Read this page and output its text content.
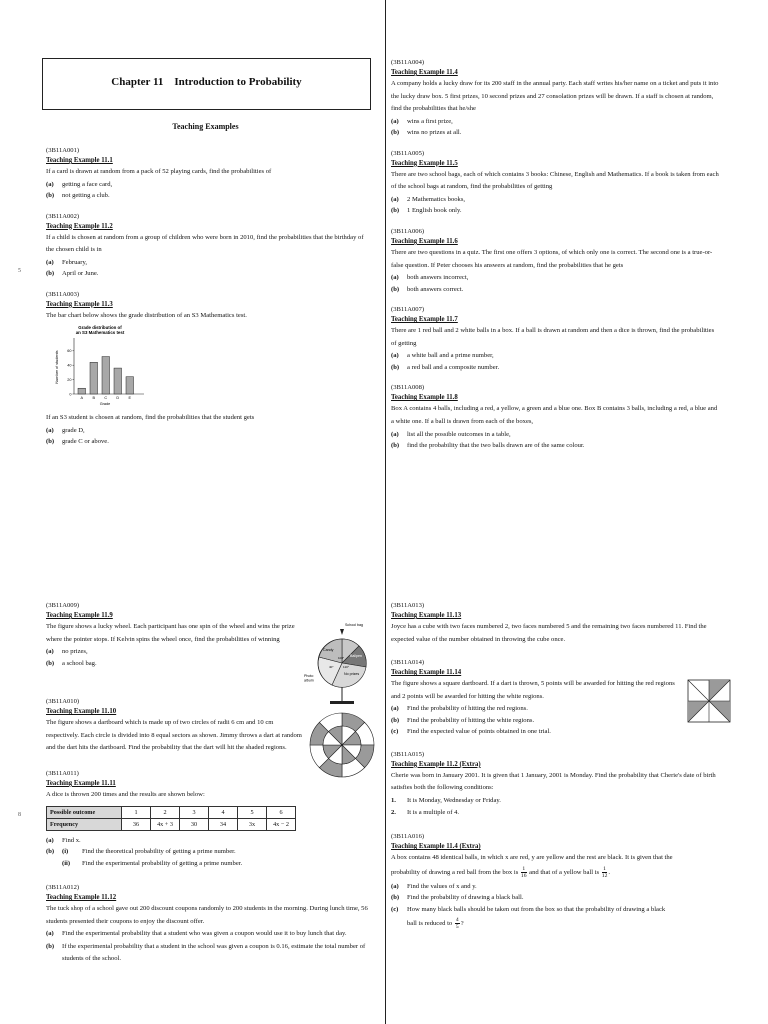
5
8
Chapter 11    Introduction to Probability
Teaching Examples
(3B11A001)
Teaching Example 11.1
If a card is drawn at random from a pack of 52 playing cards, find the probabilities of
(a)	getting a face card,
(b)	not getting a club.
(3B11A002)
Teaching Example 11.2
If a child is chosen at random from a group of children who were born in 2010, find the probabilities that the birthday of the chosen child is in
(a)	February,
(b)	April or June.
(3B11A003)
Teaching Example 11.3
The bar chart below shows the grade distribution of an S3 Mathematics test.
Grade distribution of an S3 Mathematics test
Number of students
0
20
40
60
A B C D E
Grade
If an S3 student is chosen at random, find the probabilities that the student gets
(a)	grade D,
(b)	grade C or above.
(3B11A004)
Teaching Example 11.4
A company holds a lucky draw for its 200 staff in the annual party. Each staff writes his/her name on a ticket and puts it into the lucky draw box. 5 first prizes, 10 second prizes and 27 consolation prizes will be drawn. If a staff is chosen at random, find the probabilities that he/she
(a)	wins a first prize,
(b)	wins no prizes at all.
(3B11A005)
Teaching Example 11.5
There are two school bags, each of which contains 3 books: Chinese, English and Mathematics. If a book is taken from each of the school bags at random, find the probabilities of getting
(a)	2 Mathematics books,
(b)	1 English book only.
(3B11A006)
Teaching Example 11.6
There are two questions in a quiz. The first one offers 3 options, of which only one is correct. The second one is a true-or-false question. If Peter chooses his answers at random, find the probabilities that he gets
(a)	both answers incorrect,
(b)	both answers correct.
(3B11A007)
Teaching Example 11.7
There are 1 red ball and 2 white balls in a box. If a ball is drawn at random and then a dice is thrown, find the probabilities of getting
(a)	a white ball and a prime number,
(b)	a red ball and a composite number.
(3B11A008)
Teaching Example 11.8
Box A contains 4 balls, including a red, a yellow, a green and a blue one. Box B contains 3 balls, including a red, a blue and a white one. If a ball is drawn from each of the boxes,
(a)	list all the possible outcomes in a table,
(b)	find the probability that the two balls drawn are of the same colour.
(3B11A009)
Teaching Example 11.9
The figure shows a lucky wheel. Each participant has one spin of the wheel and wins the prize where the pointer stops. If Kelvin spins the wheel once, find the probabilities of winning
(a)	no prizes,
(b)	a school bag.
School bag
Candy
Ballpen
100°
40°	110°
No prizes
Photo album
(3B11A010)
Teaching Example 11.10
The figure shows a dartboard which is made up of two circles of radii 6 cm and 10 cm respectively. Each circle is divided into 8 equal sectors as shown. Jimmy throws a dart at random and the dart hits the dartboard. Find the probability that the dart will hit the shaded regions.
(3B11A011)
Teaching Example 11.11
A dice is thrown 200 times and the results are shown below:
Possible outcome	1	2	3	4	5	6
Frequency	36	4x + 3	30	34	3x	4x − 2
(a)	Find x.
(b)	(i)	Find the theoretical probability of getting a prime number.
(ii)	Find the experimental probability of getting a prime number.
(3B11A012)
Teaching Example 11.12
The tuck shop of a school gave out 200 discount coupons randomly to 200 students in the morning. During lunch time, 56 students presented their coupons to enjoy the discount offer.
(a)	Find the experimental probability that a student who was given a coupon would use it to buy lunch that day.
(b)	If the experimental probability that a student in the school was given a coupon is 0.16, estimate the total number of students of the school.
(3B11A013)
Teaching Example 11.13
Joyce has a cube with two faces numbered 2, two faces numbered 5 and the remaining two faces numbered 11. Find the expected value of the number obtained in throwing the cube once.
(3B11A014)
Teaching Example 11.14
The figure shows a square dartboard. If a dart is thrown, 5 points will be awarded for hitting the red regions and 2 points will be awarded for hitting the white regions.
(a)	Find the probability of hitting the red regions.
(b)	Find the probability of hitting the white regions.
(c)	Find the expected value of points obtained in one trial.
(3B11A015)
Teaching Example 11.2 (Extra)
Cherie was born in January 2001. It is given that 1 January, 2001 is Monday. Find the probability that Cherie's date of birth satisfies both the following conditions:
1.	It is Monday, Wednesday or Friday.
2.	It is a multiple of 4.
(3B11A016)
Teaching Example 11.4 (Extra)
A box contains 48 identical balls, in which x are red, y are yellow and the rest are black. It is given that the
probability of drawing a red ball from the box is $\frac{1}{16}$ and that of a yellow ball is $\frac{1}{12}$ .
(a)	Find the values of x and y.
(b)	Find the probability of drawing a black ball.
(c)	How many black balls should be taken out from the box so that the probability of drawing a black
ball is reduced to $\frac{4}{5}$ ?
